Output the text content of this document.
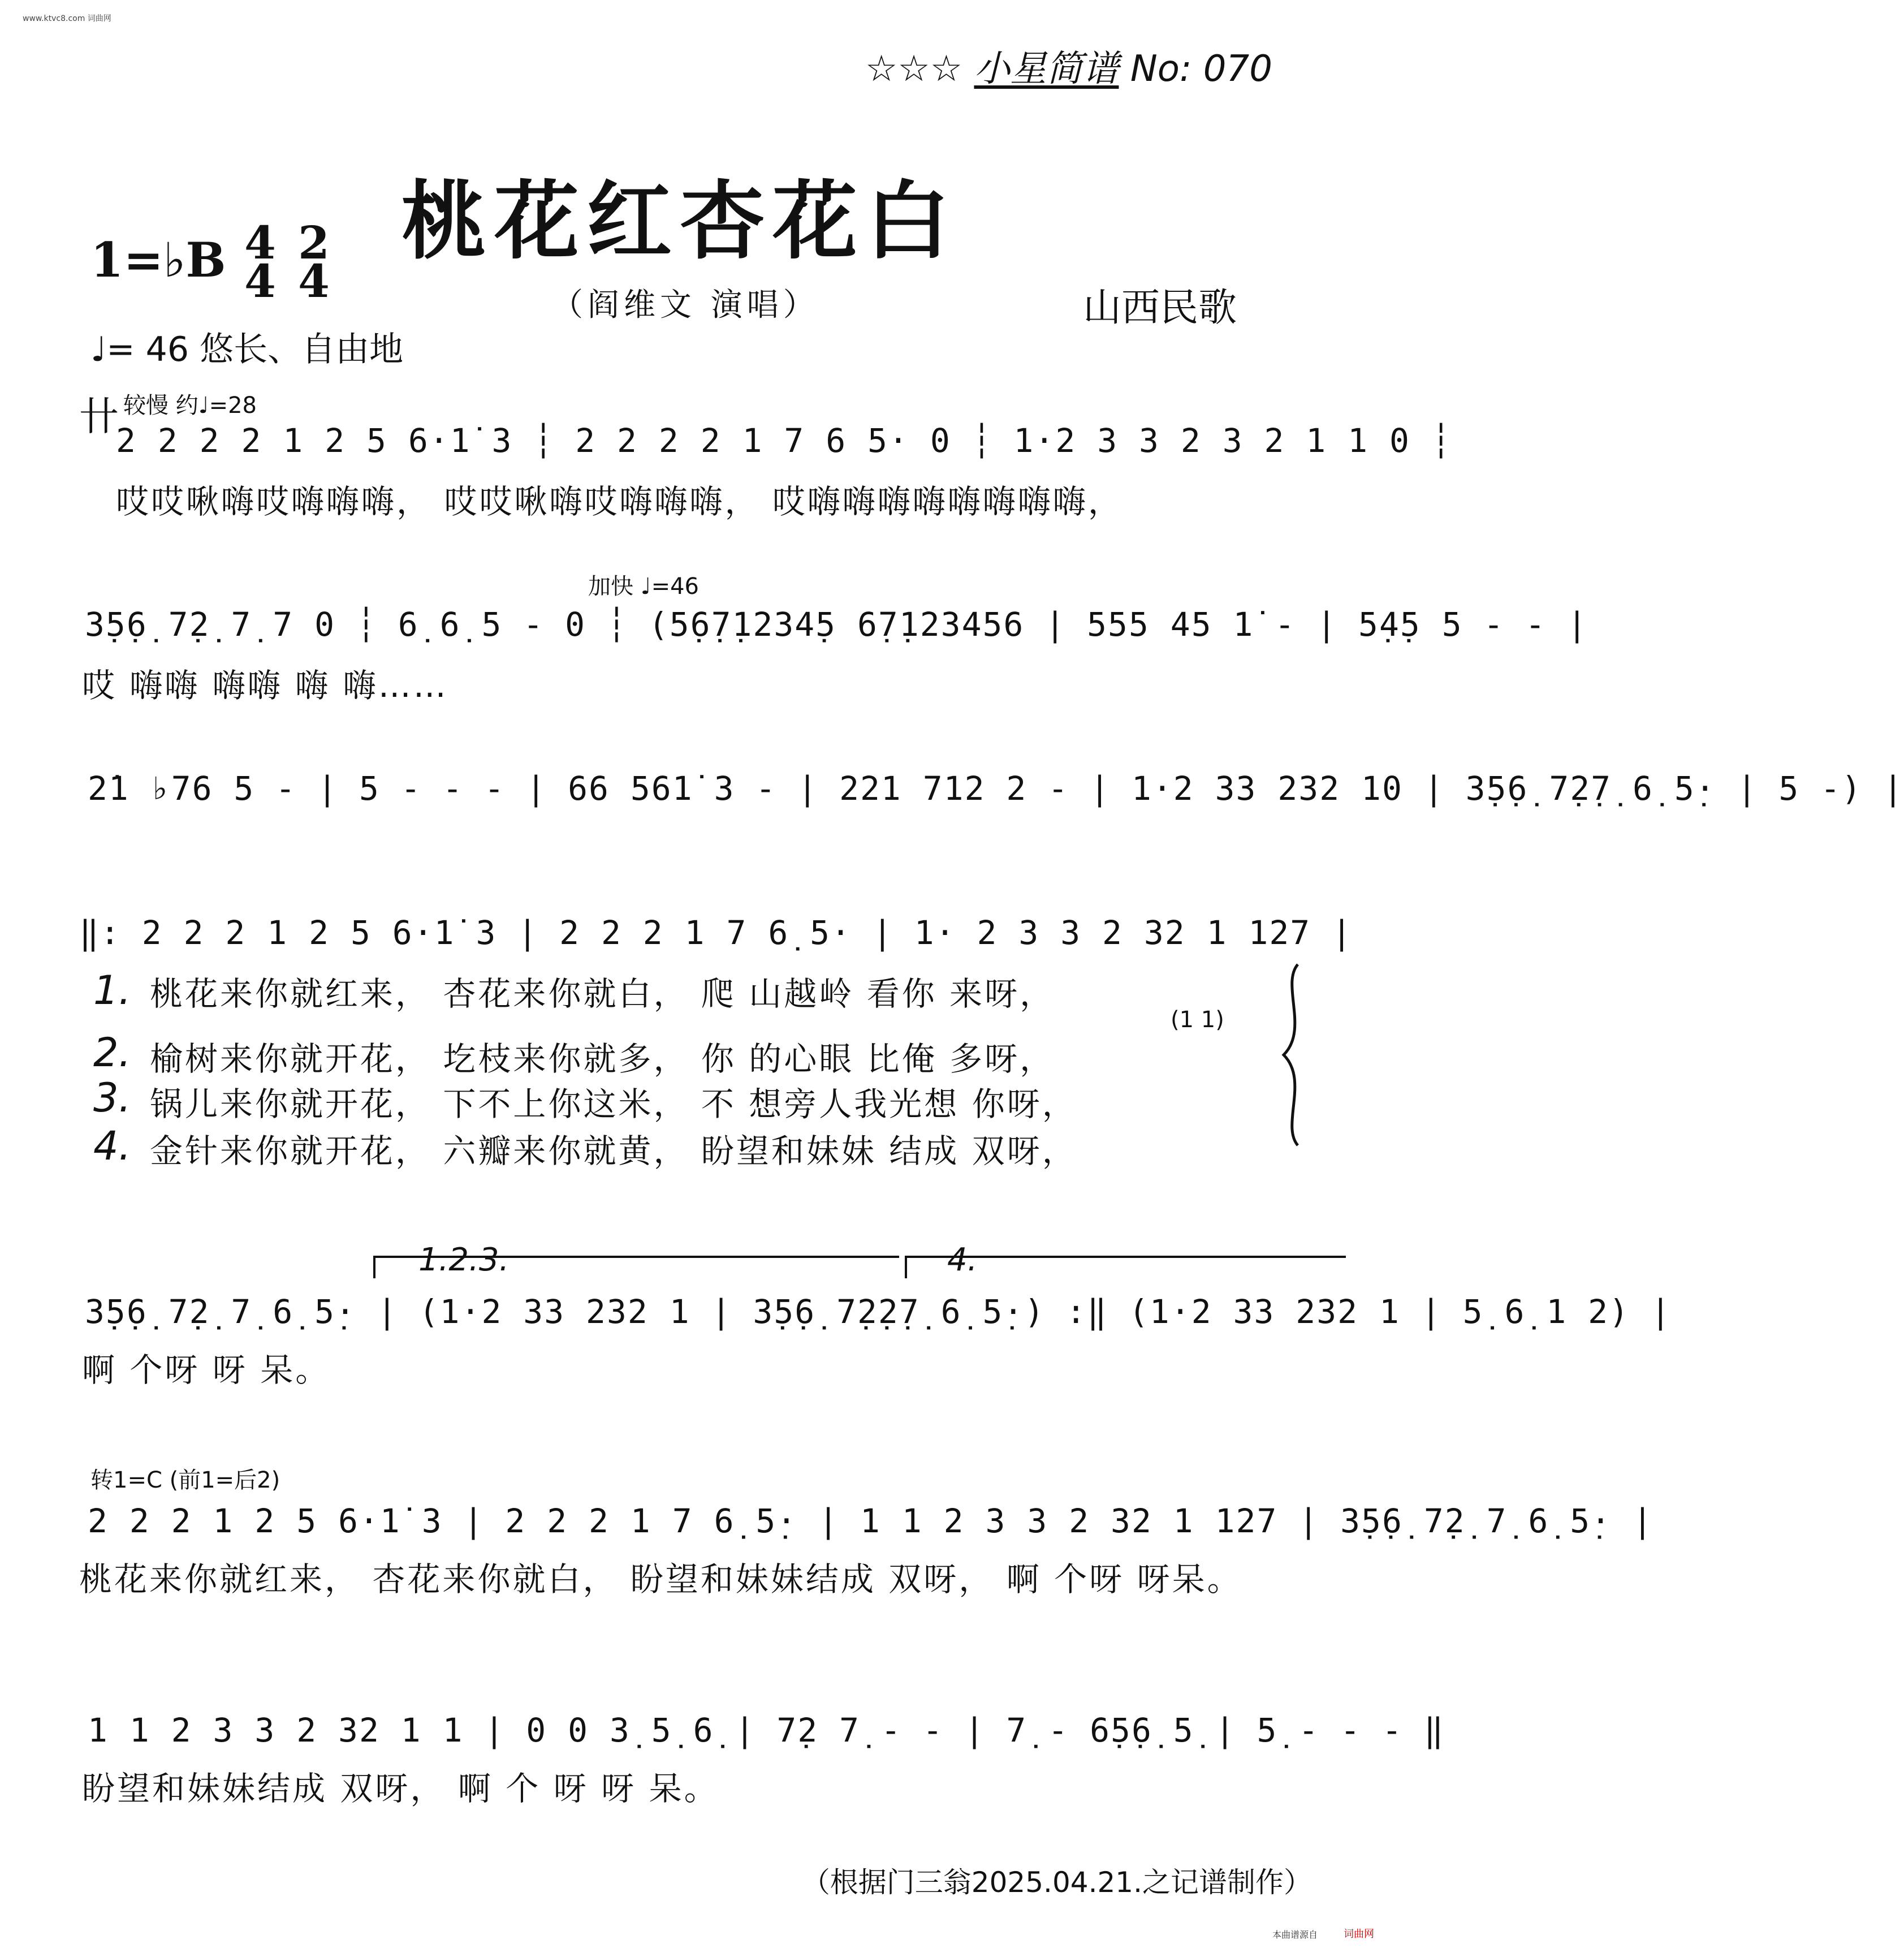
www.ktvc8.com 词曲网
☆☆☆ 小星简谱 No: 070
桃花红杏花白
1=♭B 4
4
2
4	（阎维文 演唱）	山西民歌
♩= 46 悠长、自由地
卄 较慢 约♩=28
2 2 2 2 1 2 5 6·1̇ 3 ┆ 2 2 2 2 1 7 6 5· 0 ┆ 1·2 3 3 2 3 2 1 1 0 ┆
哎哎啾嗨哎嗨嗨嗨， 哎哎啾嗨哎嗨嗨嗨， 哎嗨嗨嗨嗨嗨嗨嗨嗨，
加快 ♩=46
3̣5̣6̣ 7̣2̣ 7̣ 7 0 ┆ 6̣ 6̣ 5 - 0 ┆ (5̣6̣7̣1234̣5 6̣7̣123456 | 555 45 1̇ - | 5̣4̣5 5 - - |
哎 嗨嗨 嗨嗨 嗨 嗨……
2̇1 ♭76 5 - | 5 - - - | 66 561̇ 3 - | 221 712 2 - | 1·2 33 232 10 | 3̣5̣6̣ 7̣2̣7̣ 6̣ 5̣· | 5 -) |
‖: 2 2 2 1 2 5 6·1̇ 3 | 2 2 2 1 7 6̣ 5· | 1· 2 3 3 2 32 1 127 |
(1 1)
1. 桃花来你就红来， 杏花来你就白， 爬 山越岭 看你 来呀，
2. 榆树来你就开花， 圪枝来你就多， 你 的心眼 比俺 多呀，
3. 锅儿来你就开花， 下不上你这米， 不 想旁人我光想 你呀，
4. 金针来你就开花， 六瓣来你就黄， 盼望和妹妹 结成 双呀，
1.2.3.	4.
3̣5̣6̣ 7̣2̣ 7̣ 6̣ 5̣· | (1·2 33 232 1 | 3̣5̣6̣ 7̣2̣2̣7̣ 6̣ 5̣·) :‖ (1·2 33 232 1 | 5̣ 6̣ 1 2) |
啊 个呀 呀 呆。
转1=C (前1=后2)
2 2 2 1 2 5 6·1̇ 3 | 2 2 2 1 7 6̣ 5̣· | 1 1 2 3 3 2 32 1 127 | 3̣5̣6̣ 7̣2̣ 7̣ 6̣ 5̣· |
桃花来你就红来， 杏花来你就白， 盼望和妹妹结成 双呀， 啊 个呀 呀呆。
1 1 2 3 3 2 32 1 1 | 0 0 3̣ 5̣ 6̣ | 7̣2 7̣ - - | 7̣ - 6̣5̣6̣ 5̣ | 5̣ - - - ‖
盼望和妹妹结成 双呀， 啊 个 呀 呀 呆。
（根据门三翁2025.04.21.之记谱制作）
本曲谱源自	词曲网
